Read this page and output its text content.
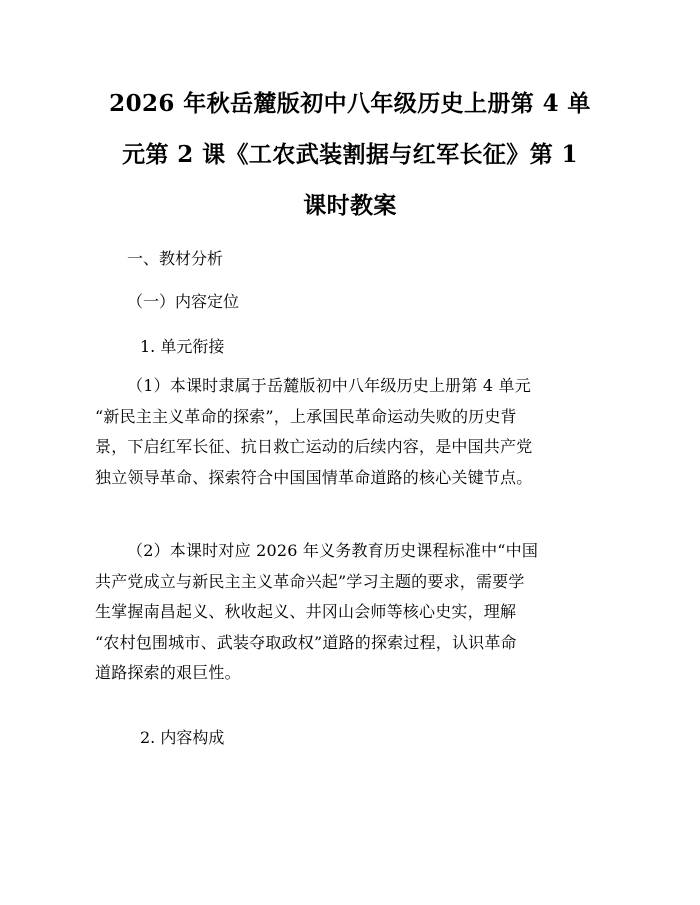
2026 年秋岳麓版初中八年级历史上册第 4 单
元第 2 课《工农武装割据与红军长征》第 1
课时教案
一、教材分析
（一）内容定位
1. 单元衔接
（1）本课时隶属于岳麓版初中八年级历史上册第 4 单元
“新民主主义革命的探索”，上承国民革命运动失败的历史背
景，下启红军长征、抗日救亡运动的后续内容，是中国共产党
独立领导革命、探索符合中国国情革命道路的核心关键节点。
（2）本课时对应 2026 年义务教育历史课程标准中“中国
共产党成立与新民主主义革命兴起”学习主题的要求，需要学
生掌握南昌起义、秋收起义、井冈山会师等核心史实，理解
“农村包围城市、武装夺取政权”道路的探索过程，认识革命
道路探索的艰巨性。
2. 内容构成
